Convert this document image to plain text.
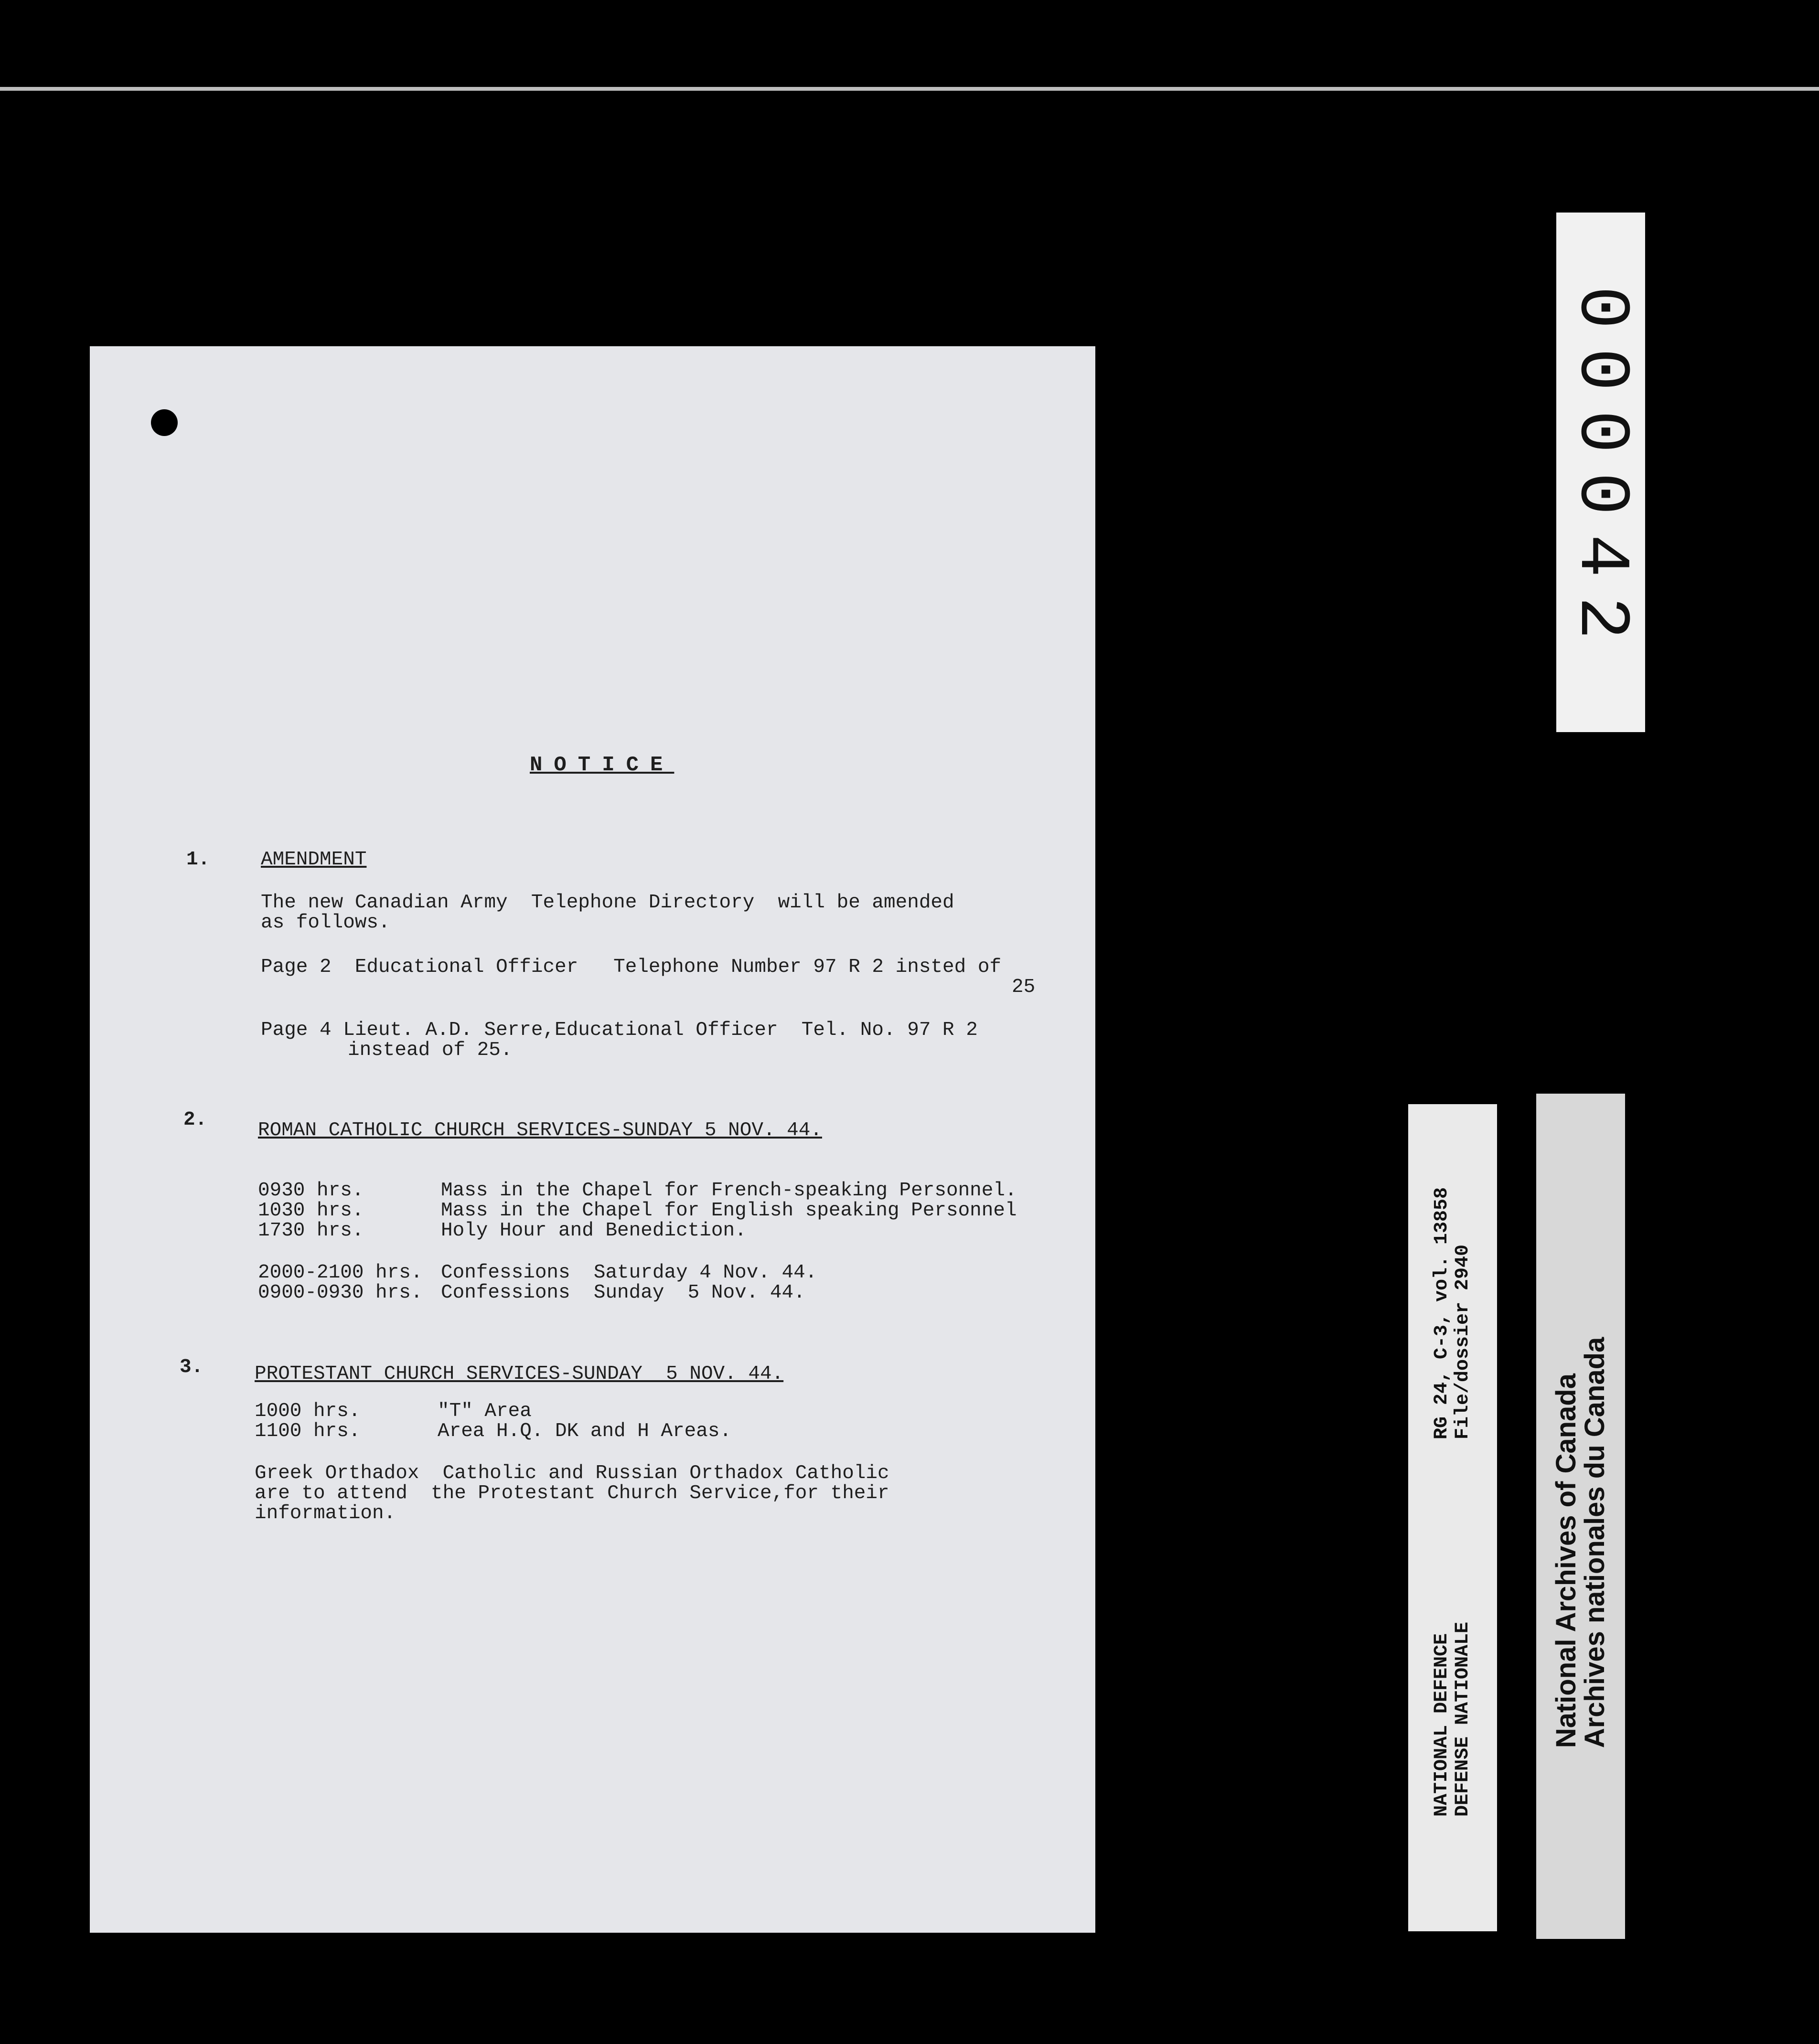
NOTICE
1.	AMENDMENT
The new Canadian Army  Telephone Directory  will be amended
as follows.
Page 2  Educational Officer   Telephone Number 97 R 2 insted of
25
Page 4 Lieut. A.D. Serre,Educational Officer  Tel. No. 97 R 2
instead of 25.
2.	ROMAN CATHOLIC CHURCH SERVICES-SUNDAY 5 NOV. 44.
0930 hrs.	Mass in the Chapel for French-speaking Personnel.
1030 hrs.	Mass in the Chapel for English speaking Personnel
1730 hrs.	Holy Hour and Benediction.
2000-2100 hrs. Confessions  Saturday 4 Nov. 44.
0900-0930 hrs. Confessions  Sunday  5 Nov. 44.
3.	PROTESTANT CHURCH SERVICES-SUNDAY  5 NOV. 44.
1000 hrs.	"T" Area
1100 hrs.	Area H.Q. DK and H Areas.
Greek Orthadox  Catholic and Russian Orthadox Catholic
are to attend  the Protestant Church Service,for their
information.
000042
RG 24, C-3, vol. 13858
File/dossier 2940
NATIONAL DEFENCE
DEFENSE NATIONALE	National Archives of Canada
Archives nationales du Canada
